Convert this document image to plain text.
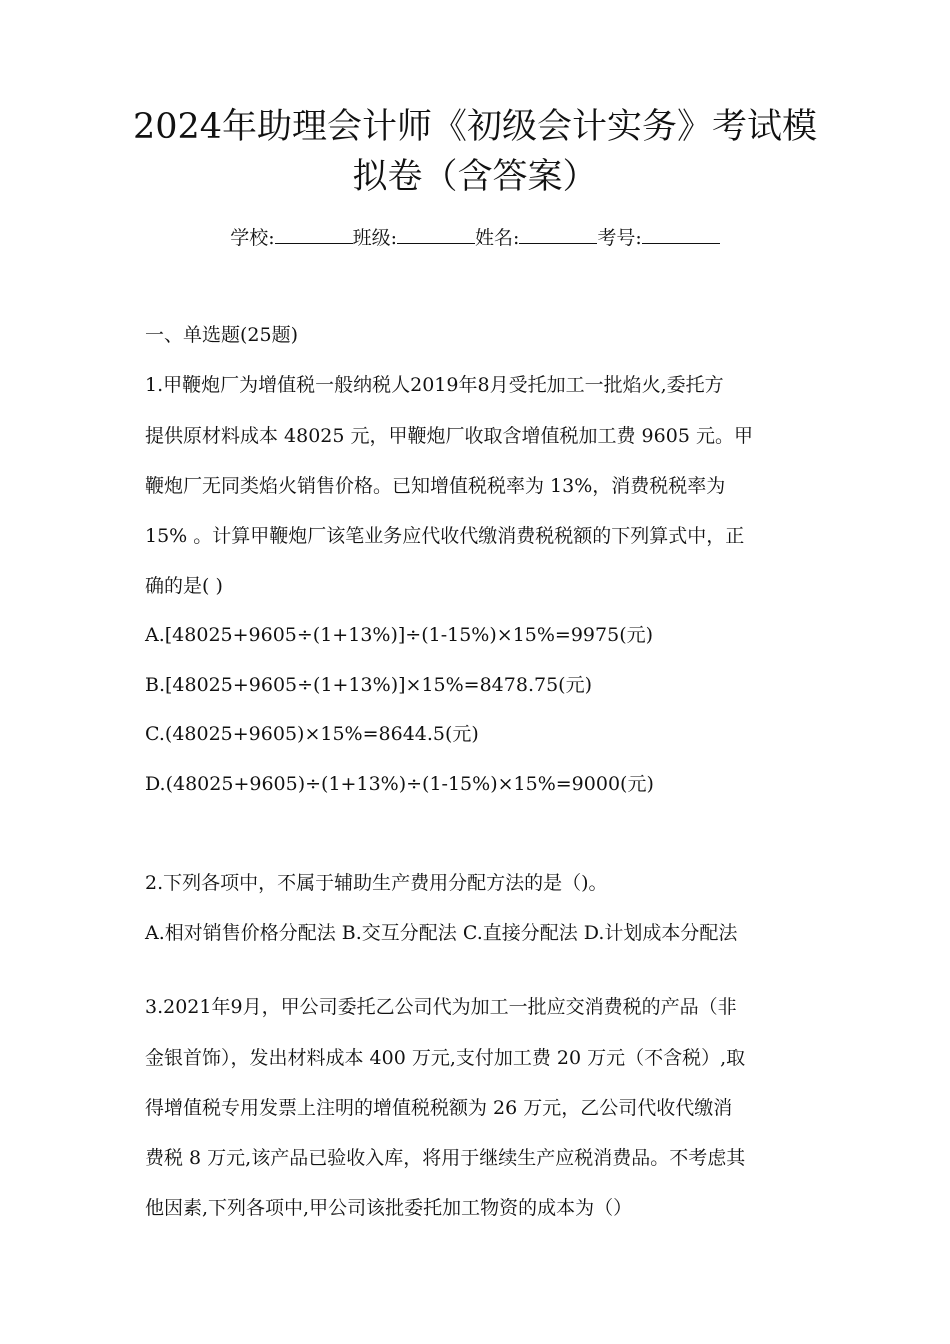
2024年助理会计师《初级会计实务》考试模
拟卷（含答案）
学校:	班级:	姓名:	考号:
一、单选题(25题)
1.甲鞭炮厂为增值税一般纳税人2019年8月受托加工一批焰火,委托方
提供原材料成本 48025 元，甲鞭炮厂收取含增值税加工费 9605 元。甲
鞭炮厂无同类焰火销售价格。已知增值税税率为 13%，消费税税率为
15% 。计算甲鞭炮厂该笔业务应代收代缴消费税税额的下列算式中，正
确的是( )
A.[48025+9605÷(1+13%)]÷(1-15%)×15%=9975(元)
B.[48025+9605÷(1+13%)]×15%=8478.75(元)
C.(48025+9605)×15%=8644.5(元)
D.(48025+9605)÷(1+13%)÷(1-15%)×15%=9000(元)
2.下列各项中，不属于辅助生产费用分配方法的是（)。
A.相对销售价格分配法 B.交互分配法 C.直接分配法 D.计划成本分配法
3.2021年9月，甲公司委托乙公司代为加工一批应交消费税的产品（非
金银首饰），发出材料成本 400 万元,支付加工费 20 万元（不含税）,取
得增值税专用发票上注明的增值税税额为 26 万元，乙公司代收代缴消
费税 8 万元,该产品已验收入库，将用于继续生产应税消费品。不考虑其
他因素,下列各项中,甲公司该批委托加工物资的成本为（）
